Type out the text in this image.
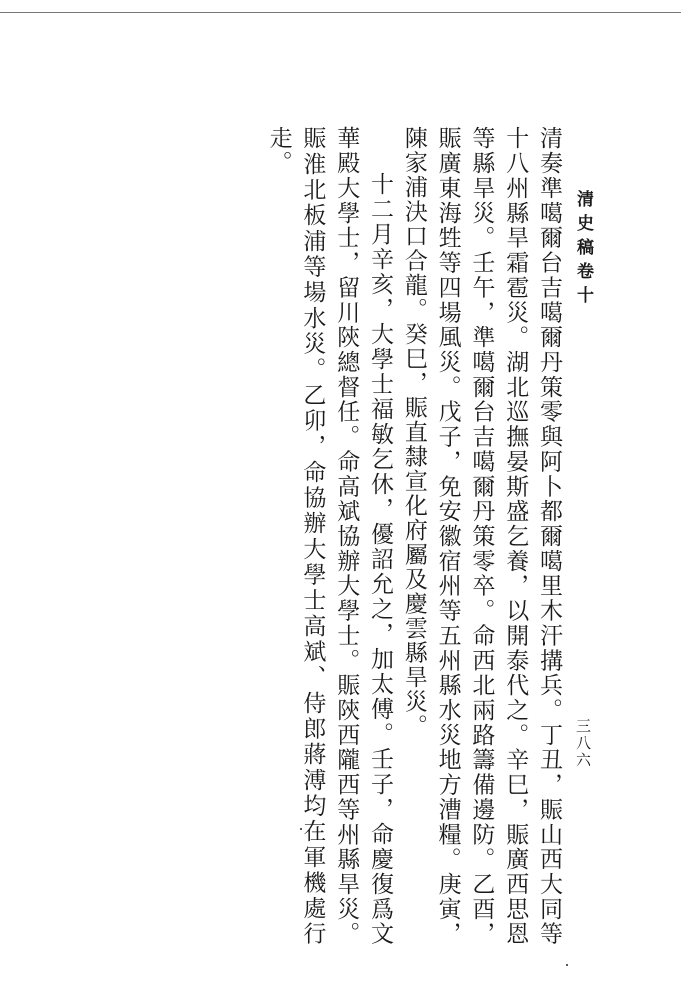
清史稿卷十
三八六

清奏準噶爾台吉噶爾丹策零與阿卜都爾噶里木汗搆兵。丁丑，賑山西大同等十八州縣旱霜雹災。湖北巡撫晏斯盛乞養，以開泰代之。辛巳，賑廣西思恩等縣旱災。壬午，準噶爾台吉噶爾丹策零卒。命西北兩路籌備邊防。乙酉，賑廣東海甡等四場風災。戊子，免安徽宿州等五州縣水災地方漕糧。庚寅，陳家浦決口合龍。癸巳，賑直隸宣化府屬及慶雲縣旱災。

十二月辛亥，大學士福敏乞休，優詔允之，加太傅。壬子，命慶復爲文華殿大學士，留川陝總督任。命高斌協辦大學士。賑陝西隴西等州縣旱災。賑淮北板浦等場水災。乙卯，命協辦大學士高斌、侍郎蔣溥均在軍機處行走。
